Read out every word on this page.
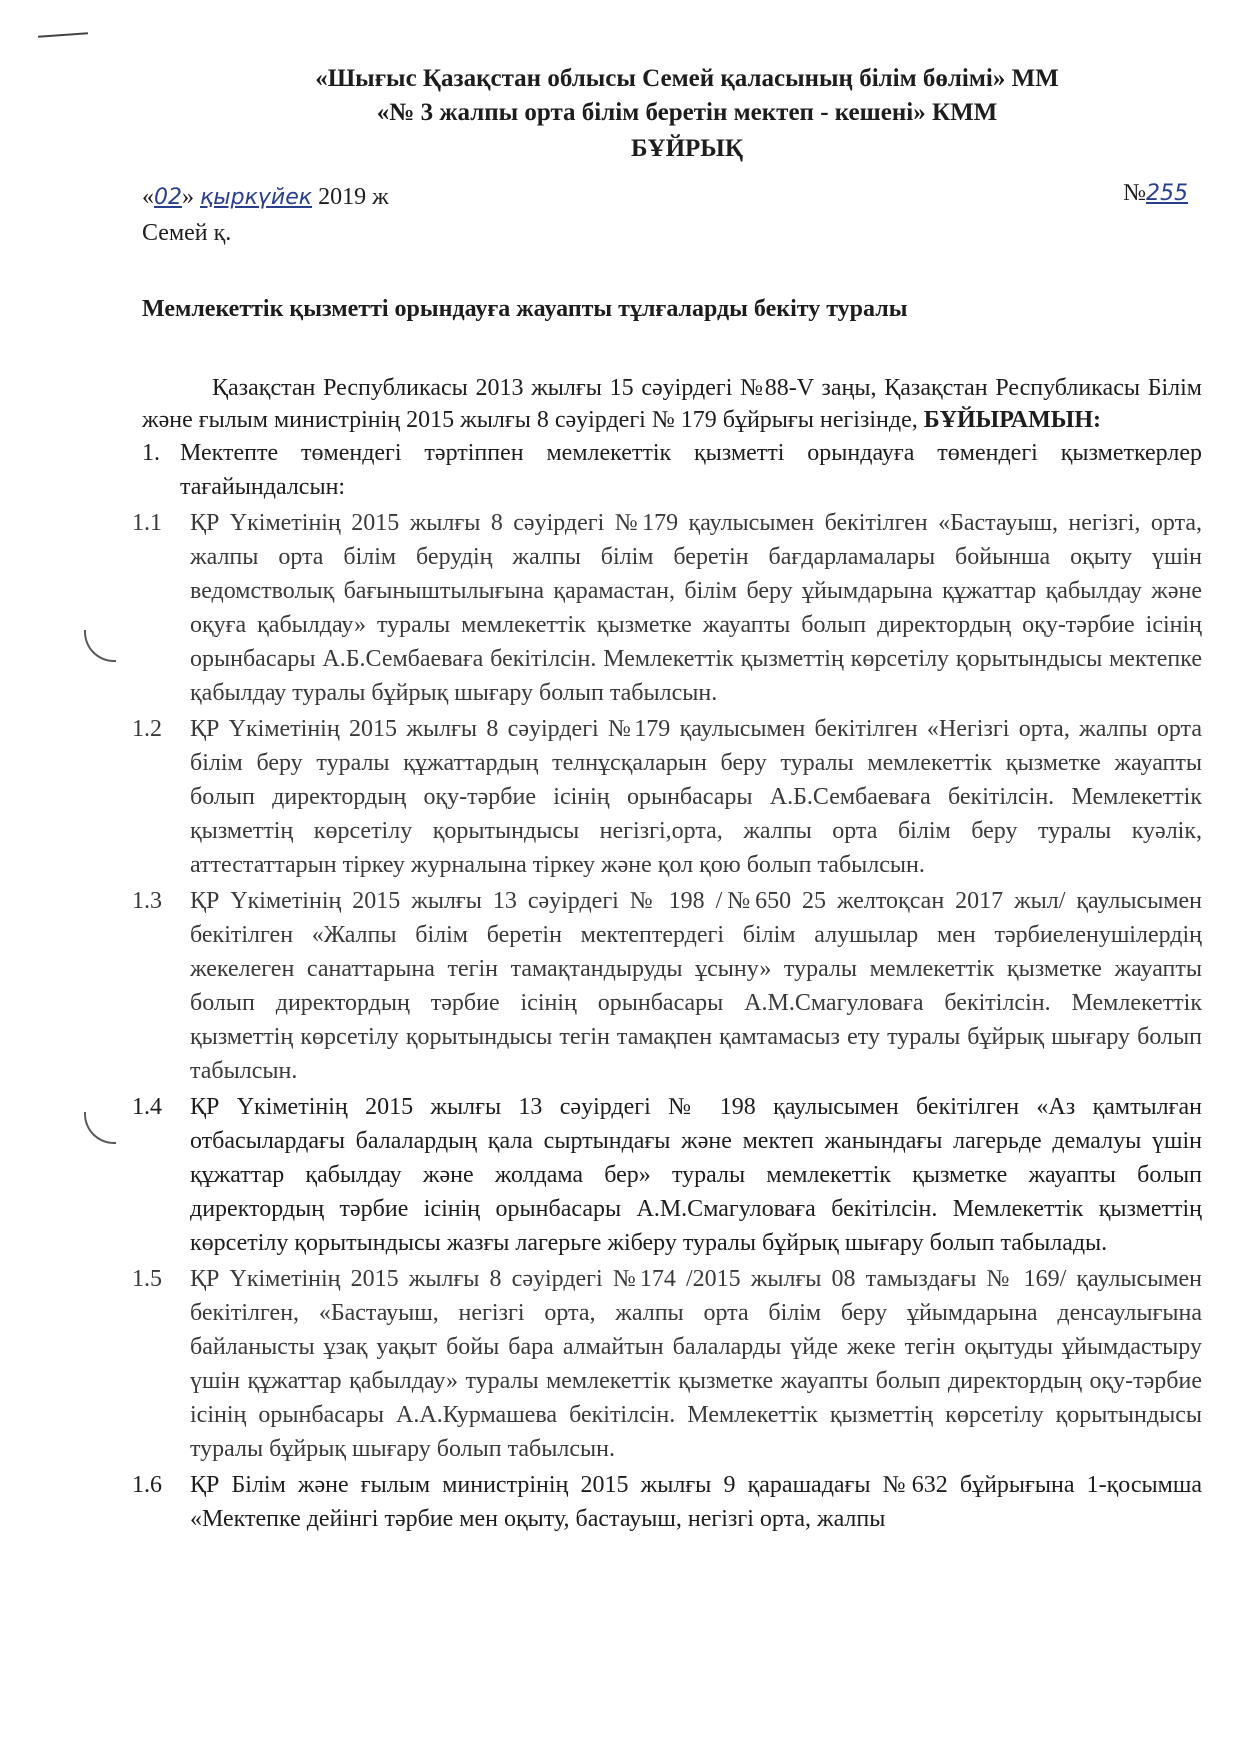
«Шығыс Қазақстан облысы Семей қаласының білім бөлімі» ММ
«№ 3 жалпы орта білім беретін мектеп - кешені» КММ
БҰЙРЫҚ
«02» қыркүйек 2019 ж	№255
Семей қ.
Мемлекеттік қызметті орындауға жауапты тұлғаларды бекіту туралы
Қазақстан Республикасы 2013 жылғы 15 сәуірдегі №88-V заңы, Қазақстан Республикасы Білім және ғылым министрінің 2015 жылғы 8 сәуірдегі № 179 бұйрығы негізінде, БҰЙЫРАМЫН:
1. Мектепте төмендегі тәртіппен мемлекеттік қызметті орындауға төмендегі қызметкерлер тағайындалсын:
1.1 ҚР Үкіметінің 2015 жылғы 8 сәуірдегі №179 қаулысымен бекітілген «Бастауыш, негізгі, орта, жалпы орта білім берудің жалпы білім беретін бағдарламалары бойынша оқыту үшін ведомстволық бағыныштылығына қарамастан, білім беру ұйымдарына құжаттар қабылдау және оқуға қабылдау» туралы мемлекеттік қызметке жауапты болып директордың оқу-тәрбие ісінің орынбасары А.Б.Сембаеваға бекітілсін. Мемлекеттік қызметтің көрсетілу қорытындысы мектепке қабылдау туралы бұйрық шығару болып табылсын.
1.2 ҚР Үкіметінің 2015 жылғы 8 сәуірдегі №179 қаулысымен бекітілген «Негізгі орта, жалпы орта білім беру туралы құжаттардың телнұсқаларын беру туралы мемлекеттік қызметке жауапты болып директордың оқу-тәрбие ісінің орынбасары А.Б.Сембаеваға бекітілсін. Мемлекеттік қызметтің көрсетілу қорытындысы негізгі,орта, жалпы орта білім беру туралы куәлік, аттестаттарын тіркеу журналына тіркеу және қол қою болып табылсын.
1.3 ҚР Үкіметінің 2015 жылғы 13 сәуірдегі № 198 /№650 25 желтоқсан 2017 жыл/ қаулысымен бекітілген «Жалпы білім беретін мектептердегі білім алушылар мен тәрбиеленушілердің жекелеген санаттарына тегін тамақтандыруды ұсыну» туралы мемлекеттік қызметке жауапты болып директордың тәрбие ісінің орынбасары А.М.Смагуловаға бекітілсін. Мемлекеттік қызметтің көрсетілу қорытындысы тегін тамақпен қамтамасыз ету туралы бұйрық шығару болып табылсын.
1.4 ҚР Үкіметінің 2015 жылғы 13 сәуірдегі № 198 қаулысымен бекітілген «Аз қамтылған отбасылардағы балалардың қала сыртындағы және мектеп жанындағы лагерьде демалуы үшін құжаттар қабылдау және жолдама бер» туралы мемлекеттік қызметке жауапты болып директордың тәрбие ісінің орынбасары А.М.Смагуловаға бекітілсін. Мемлекеттік қызметтің көрсетілу қорытындысы жазғы лагерьге жіберу туралы бұйрық шығару болып табылады.
1.5 ҚР Үкіметінің 2015 жылғы 8 сәуірдегі №174 /2015 жылғы 08 тамыздағы № 169/ қаулысымен бекітілген, «Бастауыш, негізгі орта, жалпы орта білім беру ұйымдарына денсаулығына байланысты ұзақ уақыт бойы бара алмайтын балаларды үйде жеке тегін оқытуды ұйымдастыру үшін құжаттар қабылдау» туралы мемлекеттік қызметке жауапты болып директордың оқу-тәрбие ісінің орынбасары А.А.Курмашева бекітілсін. Мемлекеттік қызметтің көрсетілу қорытындысы туралы бұйрық шығару болып табылсын.
1.6 ҚР Білім және ғылым министрінің 2015 жылғы 9 қарашадағы №632 бұйрығына 1-қосымша «Мектепке дейінгі тәрбие мен оқыту, бастауыш, негізгі орта, жалпы
